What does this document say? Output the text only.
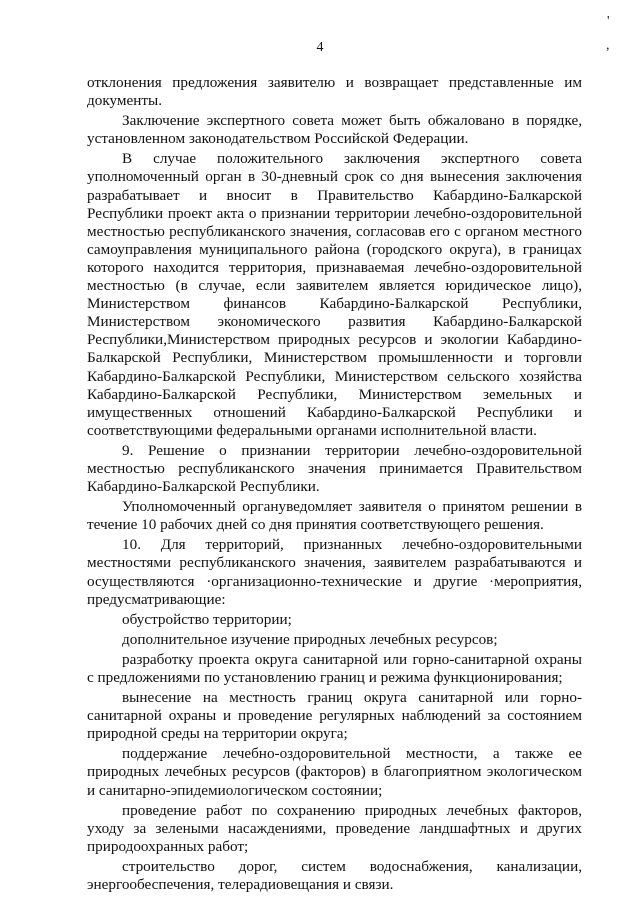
4
'
,

отклонения предложения заявителю и возвращает представленные им документы.

Заключение экспертного совета может быть обжаловано в порядке, установленном законодательством Российской Федерации.

В случае положительного заключения экспертного совета уполномоченный орган в 30-дневный срок со дня вынесения заключения разрабатывает и вносит в Правительство Кабардино-Балкарской Республики проект акта о признании территории лечебно-оздоровительной местностью республиканского значения, согласовав его с органом местного самоуправления муниципального района (городского округа), в границах которого находится территория, признаваемая лечебно-оздоровительной местностью (в случае, если заявителем является юридическое лицо), Министерством финансов Кабардино-Балкарской Республики, Министерством экономического развития Кабардино-Балкарской Республики,Министерством природных ресурсов и экологии Кабардино-Балкарской Республики, Министерством промышленности и торговли Кабардино-Балкарской Республики, Министерством сельского хозяйства Кабардино-Балкарской Республики, Министерством земельных и имущественных отношений Кабардино-Балкарской Республики и соответствующими федеральными органами исполнительной власти.

9. Решение о признании территории лечебно-оздоровительной местностью республиканского значения принимается Правительством Кабардино-Балкарской Республики.

Уполномоченный органуведомляет заявителя о принятом решении в течение 10 рабочих дней со дня принятия соответствующего решения.

10. Для территорий, признанных лечебно-оздоровительными местностями республиканского значения, заявителем разрабатываются и осуществляются ·организационно-технические и другие ·мероприятия, предусматривающие:

обустройство территории;

дополнительное изучение природных лечебных ресурсов;

разработку проекта округа санитарной или горно-санитарной охраны с предложениями по установлению границ и режима функционирования;

вынесение на местность границ округа санитарной или горно-санитарной охраны и проведение регулярных наблюдений за состоянием природной среды на территории округа;

поддержание лечебно-оздоровительной местности, а также ее природных лечебных ресурсов (факторов) в благоприятном экологическом и санитарно-эпидемиологическом состоянии;

проведение работ по сохранению природных лечебных факторов, уходу за зелеными насаждениями, проведение ландшафтных и других природоохранных работ;

строительство дорог, систем водоснабжения, канализации, энергообеспечения, телерадиовещания и связи.
